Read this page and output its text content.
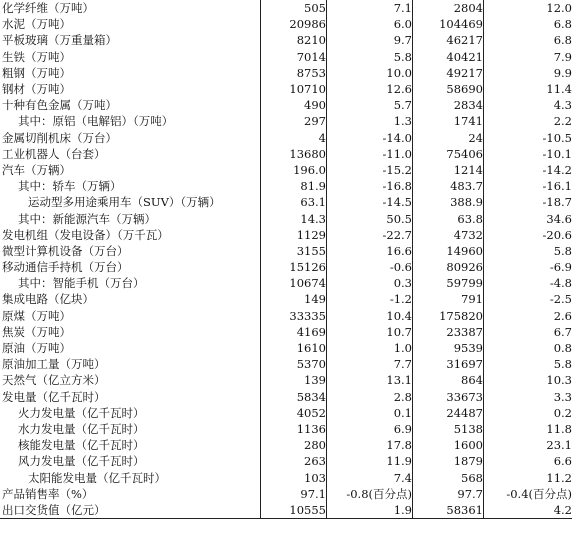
化学纤维（万吨）	505	7.1	2804	12.0
水泥（万吨）	20986	6.0	104469	6.8
平板玻璃（万重量箱）	8210	9.7	46217	6.8
生铁（万吨）	7014	5.8	40421	7.9
粗钢（万吨）	8753	10.0	49217	9.9
钢材（万吨）	10710	12.6	58690	11.4
十种有色金属（万吨）	490	5.7	2834	4.3
其中：原铝（电解铝）（万吨）	297	1.3	1741	2.2
金属切削机床（万台）	4	-14.0	24	-10.5
工业机器人（台套）	13680	-11.0	75406	-10.1
汽车（万辆）	196.0	-15.2	1214	-14.2
其中：轿车（万辆）	81.9	-16.8	483.7	-16.1
运动型多用途乘用车（SUV）（万辆）	63.1	-14.5	388.9	-18.7
其中：新能源汽车（万辆）	14.3	50.5	63.8	34.6
发电机组（发电设备）（万千瓦）	1129	-22.7	4732	-20.6
微型计算机设备（万台）	3155	16.6	14960	5.8
移动通信手持机（万台）	15126	-0.6	80926	-6.9
其中：智能手机（万台）	10674	0.3	59799	-4.8
集成电路（亿块）	149	-1.2	791	-2.5
原煤（万吨）	33335	10.4	175820	2.6
焦炭（万吨）	4169	10.7	23387	6.7
原油（万吨）	1610	1.0	9539	0.8
原油加工量（万吨）	5370	7.7	31697	5.8
天然气（亿立方米）	139	13.1	864	10.3
发电量（亿千瓦时）	5834	2.8	33673	3.3
火力发电量（亿千瓦时）	4052	0.1	24487	0.2
水力发电量（亿千瓦时）	1136	6.9	5138	11.8
核能发电量（亿千瓦时）	280	17.8	1600	23.1
风力发电量（亿千瓦时）	263	11.9	1879	6.6
太阳能发电量（亿千瓦时）	103	7.4	568	11.2
产品销售率（%）	97.1	-0.8(百分点)	97.7	-0.4(百分点)
出口交货值（亿元）	10555	1.9	58361	4.2
